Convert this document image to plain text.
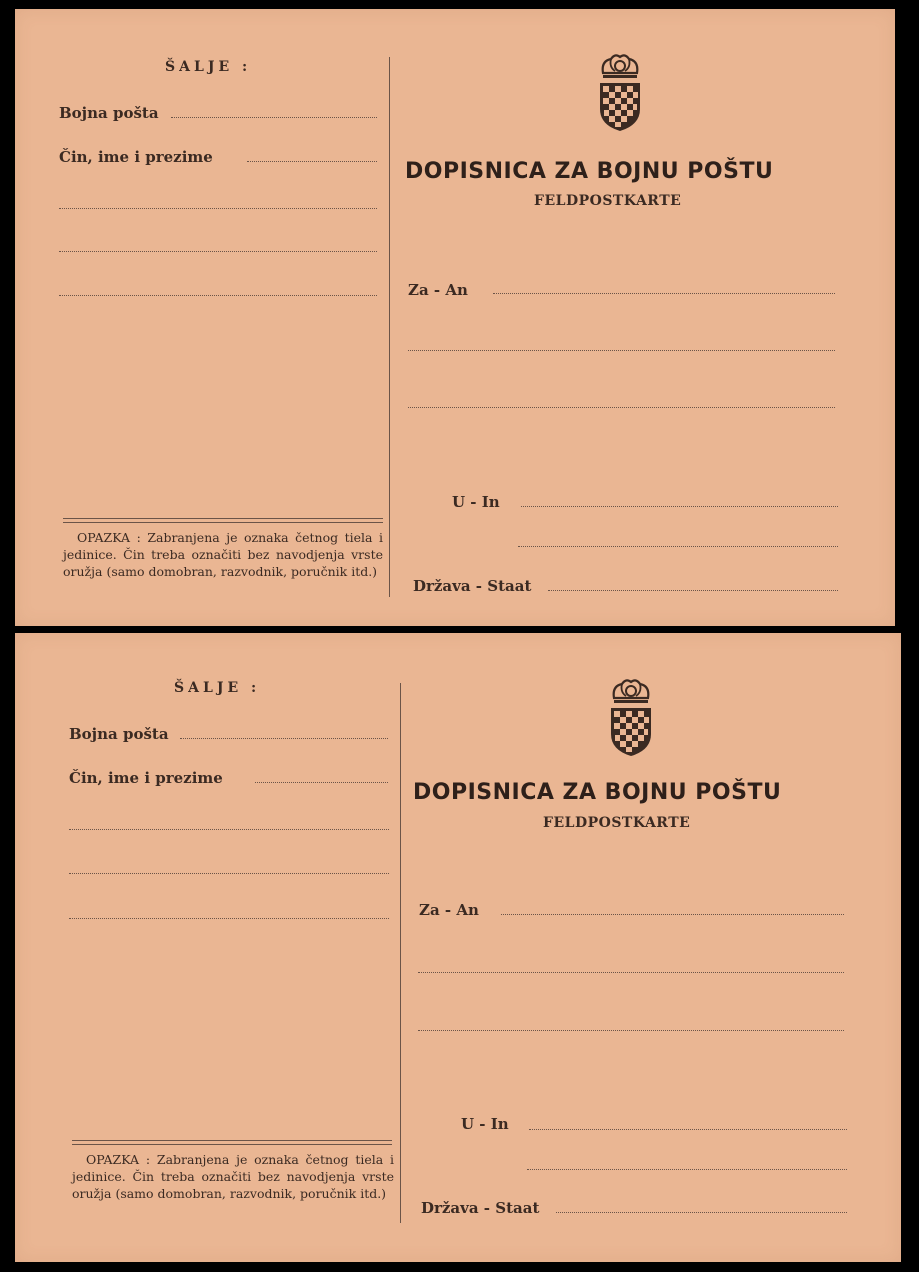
ŠALJE :
Bojna pošta
Čin, ime i prezime

OPAZKA : Zabranjena je oznaka četnog tiela i jedinice. Čin treba označiti bez navodjenja vrste oružja (samo domobran, razvodnik, poručnik itd.)

DOPISNICA ZA BOJNU POŠTU
FELDPOSTKARTE
Za - An
U - In
Država - Staat
ŠALJE :
Bojna pošta
Čin, ime i prezime

OPAZKA : Zabranjena je oznaka četnog tiela i jedinice. Čin treba označiti bez navodjenja vrste oružja (samo domobran, razvodnik, poručnik itd.)

DOPISNICA ZA BOJNU POŠTU
FELDPOSTKARTE
Za - An
U - In
Država - Staat
